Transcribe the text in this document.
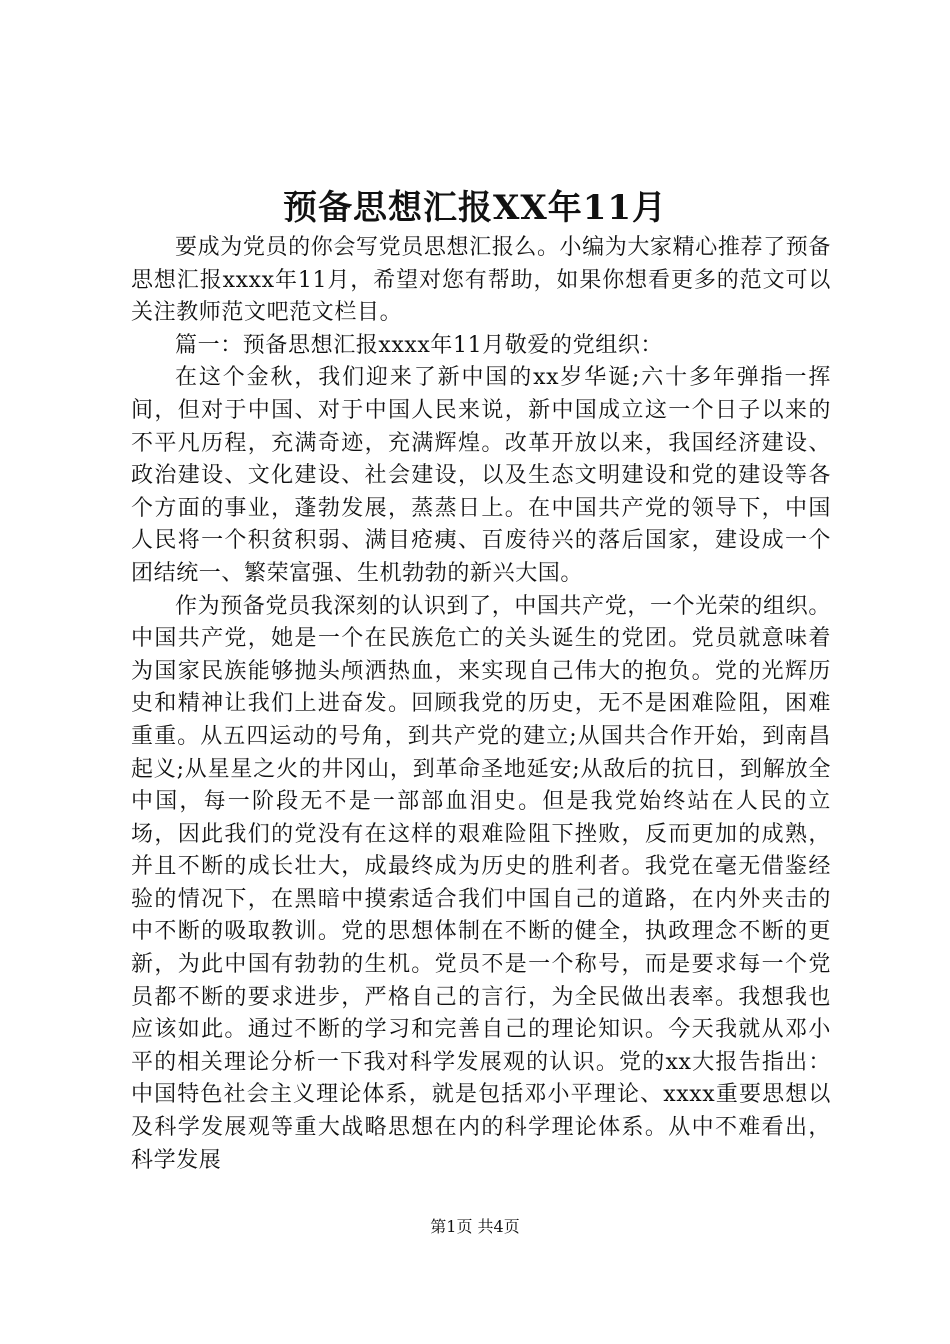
预备思想汇报XX年11月

要成为党员的你会写党员思想汇报么。小编为大家精心推荐了预备思想汇报xxxx年11月，希望对您有帮助，如果你想看更多的范文可以关注教师范文吧范文栏目。

篇一：预备思想汇报xxxx年11月敬爱的党组织：

在这个金秋，我们迎来了新中国的xx岁华诞;六十多年弹指一挥间，但对于中国、对于中国人民来说，新中国成立这一个日子以来的不平凡历程，充满奇迹，充满辉煌。改革开放以来，我国经济建设、政治建设、文化建设、社会建设，以及生态文明建设和党的建设等各个方面的事业，蓬勃发展，蒸蒸日上。在中国共产党的领导下，中国人民将一个积贫积弱、满目疮痍、百废待兴的落后国家，建设成一个团结统一、繁荣富强、生机勃勃的新兴大国。

作为预备党员我深刻的认识到了，中国共产党，一个光荣的组织。中国共产党，她是一个在民族危亡的关头诞生的党团。党员就意味着为国家民族能够抛头颅洒热血，来实现自己伟大的抱负。党的光辉历史和精神让我们上进奋发。回顾我党的历史，无不是困难险阻，困难重重。从五四运动的号角，到共产党的建立;从国共合作开始，到南昌起义;从星星之火的井冈山，到革命圣地延安;从敌后的抗日，到解放全中国，每一阶段无不是一部部血泪史。但是我党始终站在人民的立场，因此我们的党没有在这样的艰难险阻下挫败，反而更加的成熟，并且不断的成长壮大，成最终成为历史的胜利者。我党在毫无借鉴经验的情况下，在黑暗中摸索适合我们中国自己的道路，在内外夹击的中不断的吸取教训。党的思想体制在不断的健全，执政理念不断的更新，为此中国有勃勃的生机。党员不是一个称号，而是要求每一个党员都不断的要求进步，严格自己的言行，为全民做出表率。我想我也应该如此。通过不断的学习和完善自己的理论知识。今天我就从邓小平的相关理论分析一下我对科学发展观的认识。党的xx大报告指出：中国特色社会主义理论体系，就是包括邓小平理论、xxxx重要思想以及科学发展观等重大战略思想在内的科学理论体系。从中不难看出，科学发展

第1页 共4页
